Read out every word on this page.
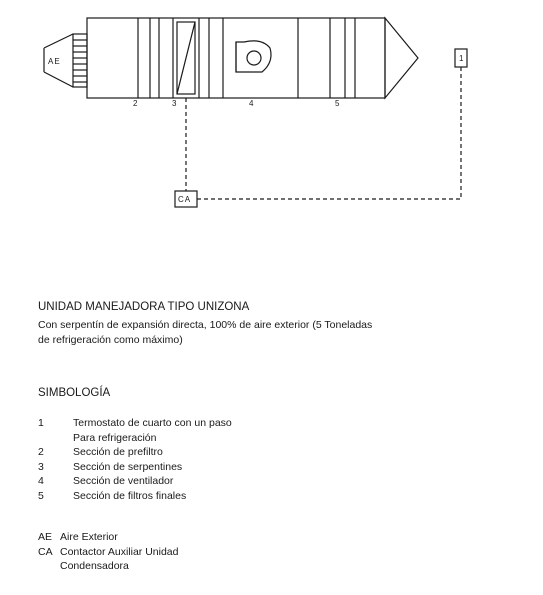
AE
CA
1
2	3	4	5
UNIDAD MANEJADORA TIPO UNIZONA
Con serpentín de expansión directa, 100% de aire exterior (5 Toneladas de refrigeración como máximo)
SIMBOLOGÍA
1	Termostato de cuarto con un paso Para refrigeración
2	Sección de prefiltro
3	Sección de serpentines
4	Sección de ventilador
5	Sección de filtros finales
AE Aire Exterior
CA Contactor Auxiliar Unidad Condensadora
